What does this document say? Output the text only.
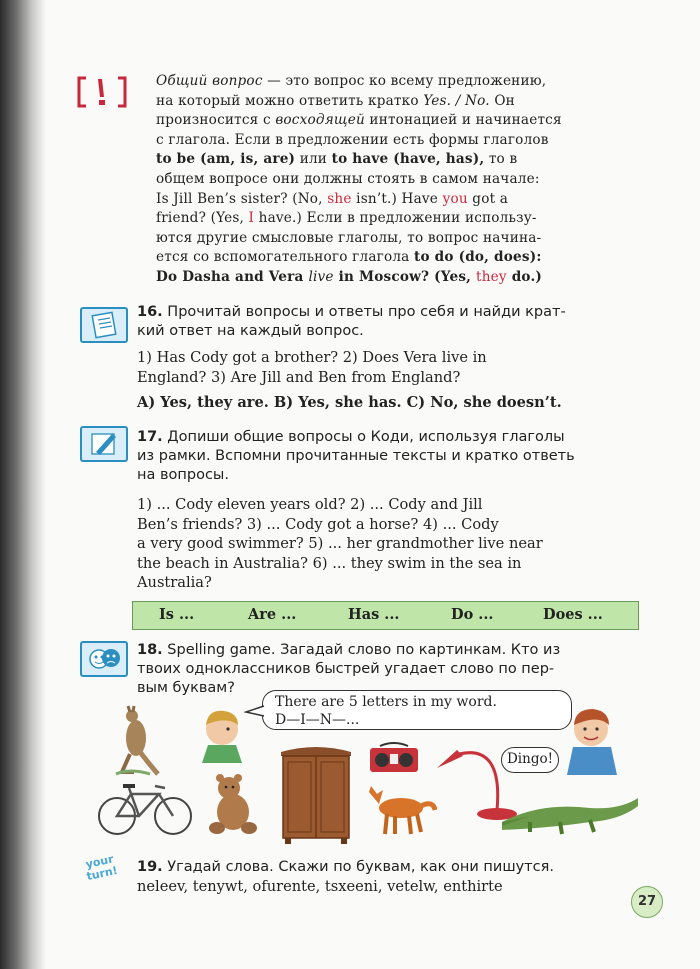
Общий вопрос — это вопрос ко всему предложению,
на который можно ответить кратко Yes. / No. Он
произносится с восходящей интонацией и начинается
с глагола. Если в предложении есть формы глаголов
to be (am, is, are) или to have (have, has), то в
общем вопросе они должны стоять в самом начале:
Is Jill Ben’s sister? (No, she isn’t.) Have you got a
friend? (Yes, I have.) Если в предложении использу-
ются другие смысловые глаголы, то вопрос начина-
ется со вспомогательного глагола to do (do, does):
Do Dasha and Vera live in Moscow? (Yes, they do.)
16. Прочитай вопросы и ответы про себя и найди крат-
кий ответ на каждый вопрос.
1) Has Cody got a brother? 2) Does Vera live in
England? 3) Are Jill and Ben from England?
A) Yes, they are. B) Yes, she has. C) No, she doesn’t.
17. Допиши общие вопросы о Коди, используя глаголы
из рамки. Вспомни прочитанные тексты и кратко ответь
на вопросы.
1) ... Cody eleven years old? 2) ... Cody and Jill
Ben’s friends? 3) ... Cody got a horse? 4) ... Cody
a very good swimmer? 5) ... her grandmother live near
the beach in Australia? 6) ... they swim in the sea in
Australia?
Is ...	Are ...	Has ...	Do ...	Does ...
18. Spelling game. Загадай слово по картинкам. Кто из
твоих одноклассников быстрей угадает слово по пер-
вым буквам?
There are 5 letters in my word.
D—I—N—...
Dingo!
your turn!	19. Угадай слова. Скажи по буквам, как они пишутся.
neleev, tenywt, ofurente, tsxeeni, vetelw, enthirte
27
